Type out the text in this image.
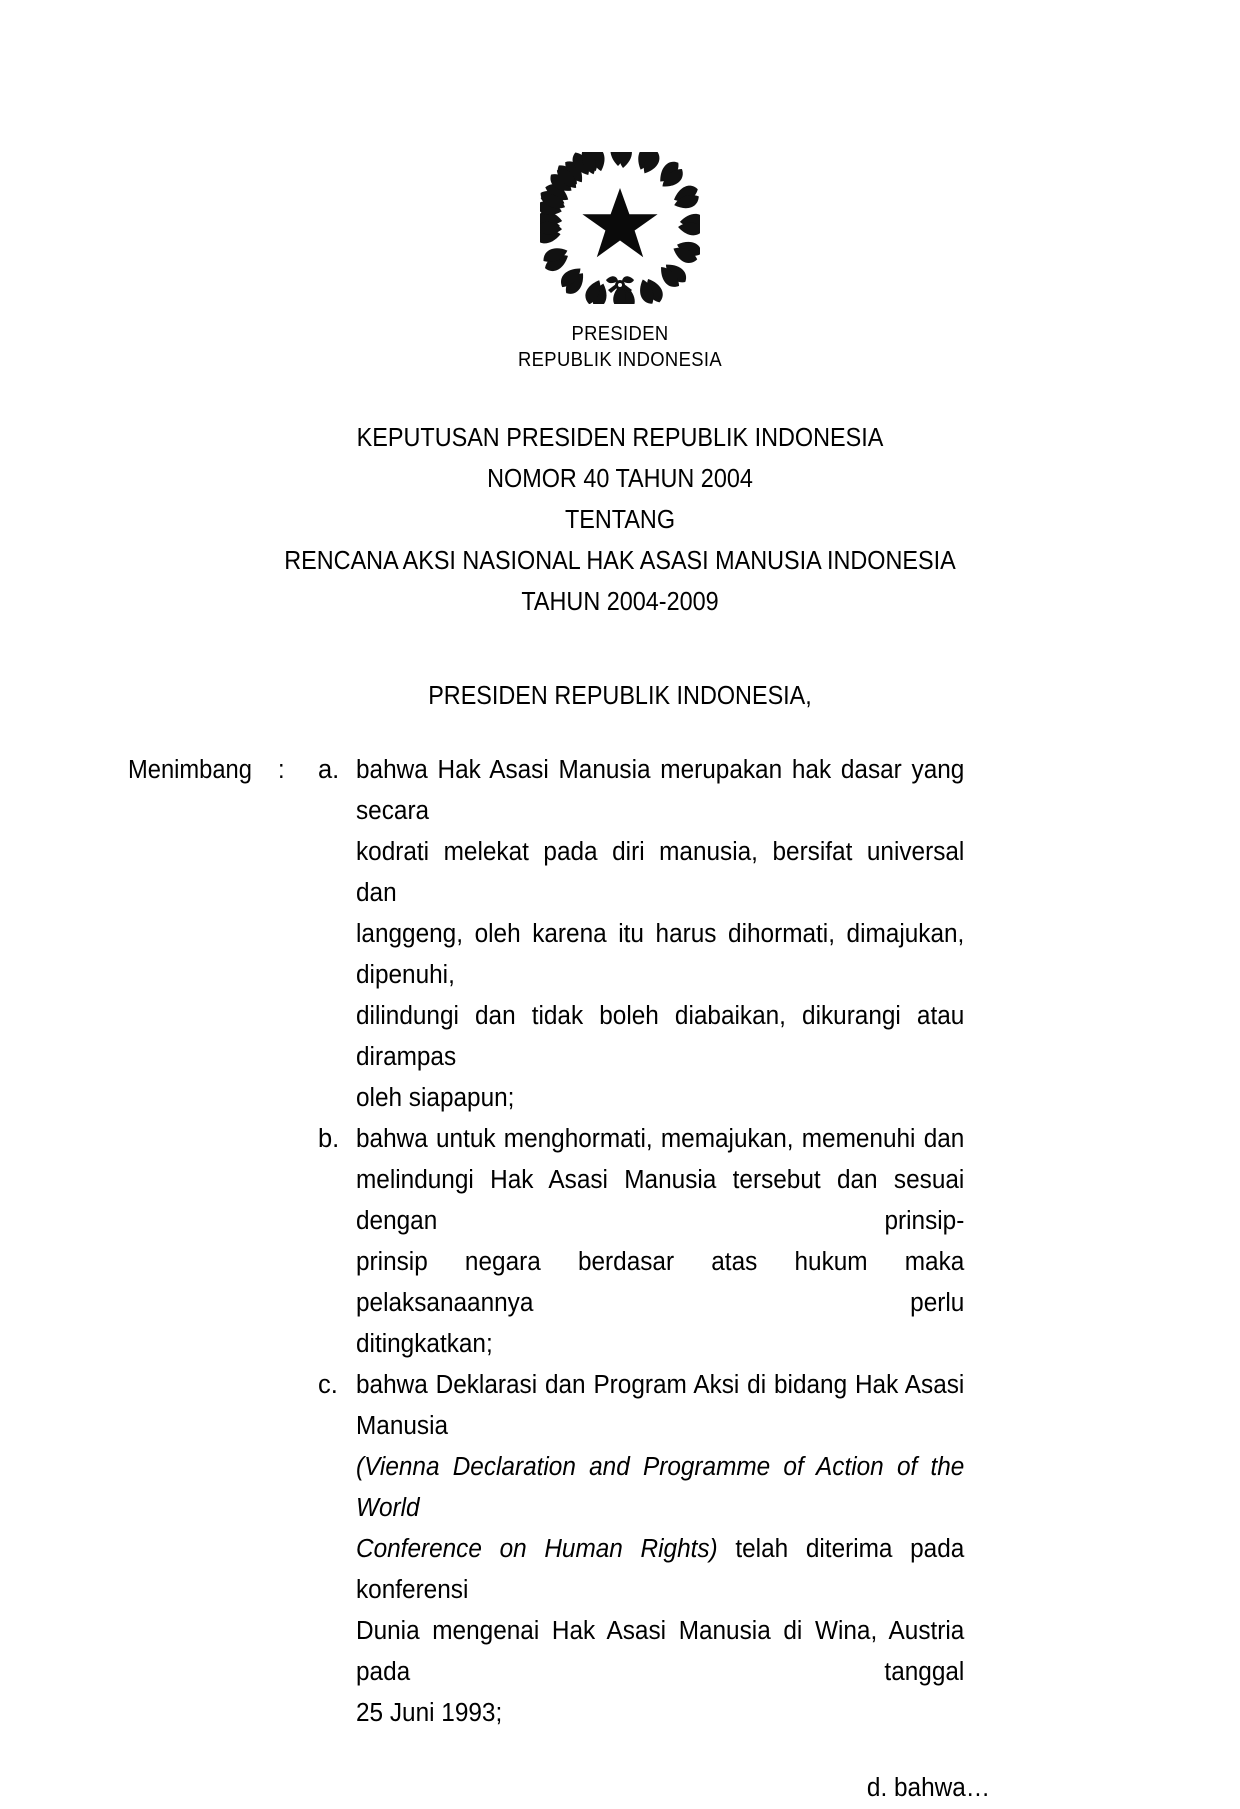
PRESIDEN
REPUBLIK INDONESIA
KEPUTUSAN PRESIDEN REPUBLIK INDONESIA
NOMOR 40 TAHUN 2004
TENTANG
RENCANA AKSI NASIONAL HAK ASASI MANUSIA INDONESIA
TAHUN 2004-2009
PRESIDEN REPUBLIK INDONESIA,
Menimbang : a. bahwa Hak Asasi Manusia merupakan hak dasar yang secara
kodrati melekat pada diri manusia, bersifat universal dan
langgeng, oleh karena itu harus dihormati, dimajukan, dipenuhi,
dilindungi dan tidak boleh diabaikan, dikurangi atau dirampas
oleh siapapun;
b. bahwa untuk menghormati, memajukan, memenuhi dan
melindungi Hak Asasi Manusia tersebut dan sesuai dengan prinsip-
prinsip negara berdasar atas hukum maka pelaksanaannya perlu
ditingkatkan;
c. bahwa Deklarasi dan Program Aksi di bidang Hak Asasi Manusia
(Vienna Declaration and Programme of Action of the World
Conference on Human Rights) telah diterima pada konferensi
Dunia mengenai Hak Asasi Manusia di Wina, Austria pada tanggal
25 Juni 1993;
d. bahwa…
